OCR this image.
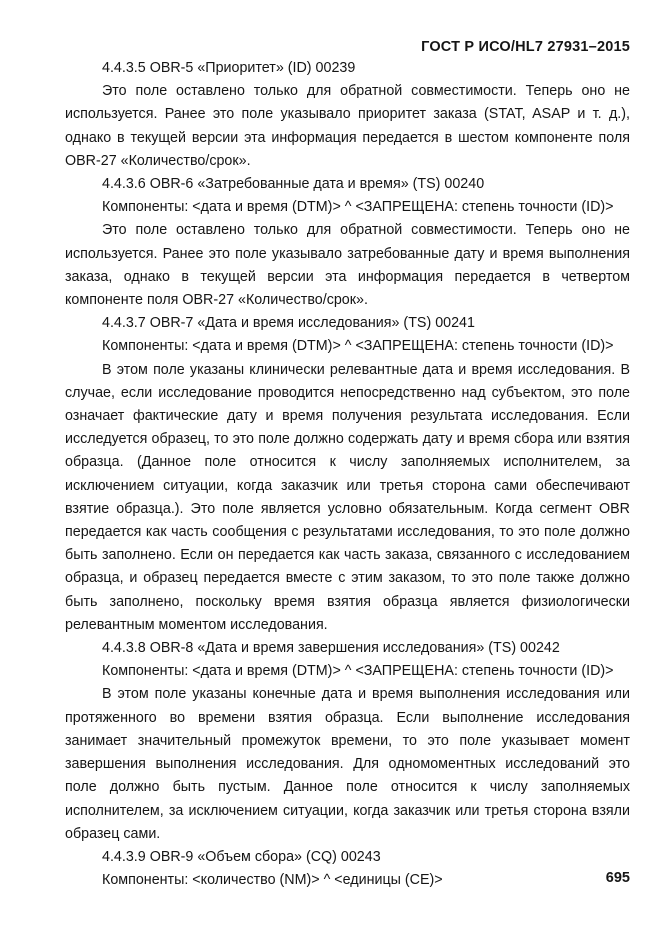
ГОСТ Р ИСО/HL7 27931–2015

4.4.3.5 OBR-5 «Приоритет» (ID) 00239

Это поле оставлено только для обратной совместимости. Теперь оно не используется. Ранее это поле указывало приоритет заказа (STAT, ASAP и т. д.), однако в текущей версии эта информация передается в шестом компоненте поля OBR-27 «Количество/срок».

4.4.3.6 OBR-6 «Затребованные дата и время» (TS) 00240

Компоненты: <дата и время (DTM)> ^ <ЗАПРЕЩЕНА: степень точности (ID)>

Это поле оставлено только для обратной совместимости. Теперь оно не используется. Ранее это поле указывало затребованные дату и время выполнения заказа, однако в текущей версии эта информация передается в четвертом компоненте поля OBR-27 «Количество/срок».

4.4.3.7 OBR-7 «Дата и время исследования» (TS) 00241

Компоненты: <дата и время (DTM)> ^ <ЗАПРЕЩЕНА: степень точности (ID)>

В этом поле указаны клинически релевантные дата и время исследования. В случае, если исследование проводится непосредственно над субъектом, это поле означает фактические дату и время получения результата исследования. Если исследуется образец, то это поле должно содержать дату и время сбора или взятия образца. (Данное поле относится к числу заполняемых исполнителем, за исключением ситуации, когда заказчик или третья сторона сами обеспечивают взятие образца.). Это поле является условно обязательным. Когда сегмент OBR передается как часть сообщения с результатами исследования, то это поле должно быть заполнено. Если он передается как часть заказа, связанного с исследованием образца, и образец передается вместе с этим заказом, то это поле также должно быть заполнено, поскольку время взятия образца является физиологически релевантным моментом исследования.

4.4.3.8 OBR-8 «Дата и время завершения исследования» (TS) 00242

Компоненты: <дата и время (DTM)> ^ <ЗАПРЕЩЕНА: степень точности (ID)>

В этом поле указаны конечные дата и время выполнения исследования или протяженного во времени взятия образца. Если выполнение исследования занимает значительный промежуток времени, то это поле указывает момент завершения выполнения исследования. Для одномоментных исследований это поле должно быть пустым. Данное поле относится к числу заполняемых исполнителем, за исключением ситуации, когда заказчик или третья сторона взяли образец сами.

4.4.3.9 OBR-9 «Объем сбора» (CQ) 00243

Компоненты: <количество (NM)> ^ <единицы (CE)>	695
